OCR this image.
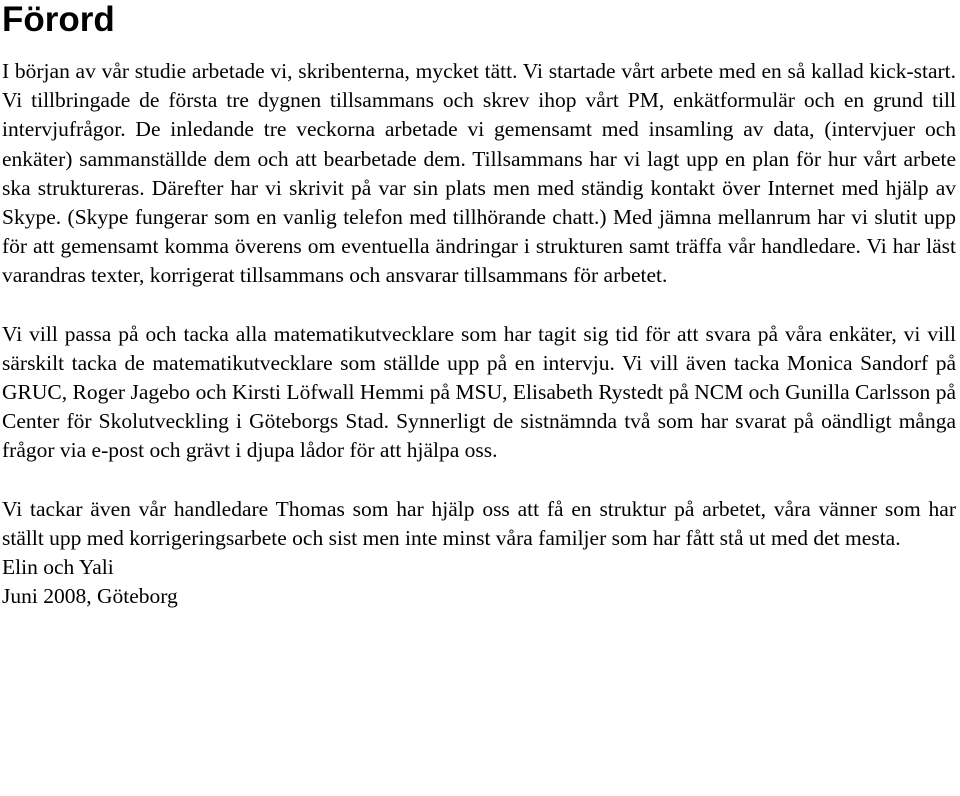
Förord

I början av vår studie arbetade vi, skribenterna, mycket tätt. Vi startade vårt arbete med en så kallad kick-start. Vi tillbringade de första tre dygnen tillsammans och skrev ihop vårt PM, enkätformulär och en grund till intervjufrågor. De inledande tre veckorna arbetade vi gemensamt med insamling av data, (intervjuer och enkäter) sammanställde dem och att bearbetade dem. Tillsammans har vi lagt upp en plan för hur vårt arbete ska struktureras. Därefter har vi skrivit på var sin plats men med ständig kontakt över Internet med hjälp av Skype. (Skype fungerar som en vanlig telefon med tillhörande chatt.) Med jämna mellanrum har vi slutit upp för att gemensamt komma överens om eventuella ändringar i strukturen samt träffa vår handledare. Vi har läst varandras texter, korrigerat tillsammans och ansvarar tillsammans för arbetet.

Vi vill passa på och tacka alla matematikutvecklare som har tagit sig tid för att svara på våra enkäter, vi vill särskilt tacka de matematikutvecklare som ställde upp på en intervju. Vi vill även tacka Monica Sandorf på GRUC, Roger Jagebo och Kirsti Löfwall Hemmi på MSU, Elisabeth Rystedt på NCM och Gunilla Carlsson på Center för Skolutveckling i Göteborgs Stad. Synnerligt de sistnämnda två som har svarat på oändligt många frågor via e-post och grävt i djupa lådor för att hjälpa oss.

Vi tackar även vår handledare Thomas som har hjälp oss att få en struktur på arbetet, våra vänner som har ställt upp med korrigeringsarbete och sist men inte minst våra familjer som har fått stå ut med det mesta.

Elin och Yali

Juni 2008, Göteborg
